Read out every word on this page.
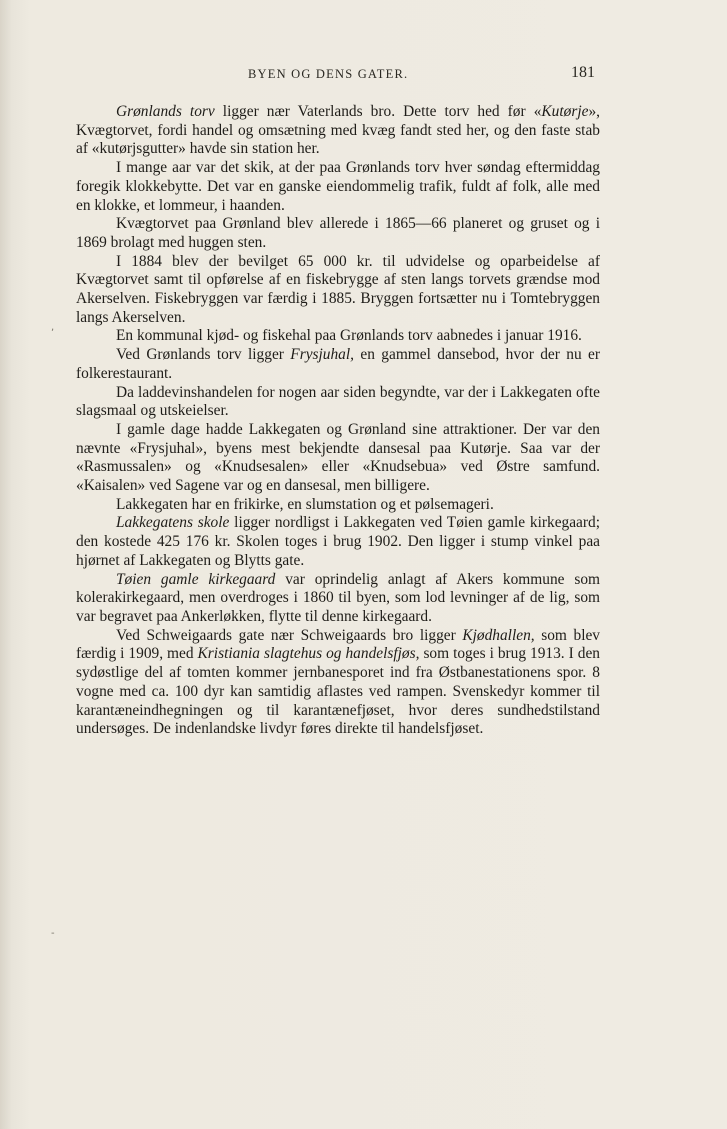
BYEN OG DENS GATER.	181
,
-

Grønlands torv ligger nær Vaterlands bro. Dette torv hed før «Kutørje», Kvægtorvet, fordi handel og omsætning med kvæg fandt sted her, og den faste stab af «kutørjsgutter» havde sin station her.

I mange aar var det skik, at der paa Grønlands torv hver søndag eftermiddag foregik klokkebytte. Det var en ganske eiendommelig trafik, fuldt af folk, alle med en klokke, et lommeur, i haanden.

Kvægtorvet paa Grønland blev allerede i 1865—66 planeret og gruset og i 1869 brolagt med huggen sten.

I 1884 blev der bevilget 65 000 kr. til udvidelse og oparbeidelse af Kvægtorvet samt til opførelse af en fiskebrygge af sten langs torvets grændse mod Akerselven. Fiskebryggen var færdig i 1885. Bryggen fortsætter nu i Tomtebryggen langs Akerselven.

En kommunal kjød- og fiskehal paa Grønlands torv aabnedes i januar 1916.

Ved Grønlands torv ligger Frysjuhal, en gammel dansebod, hvor der nu er folkerestaurant.

Da laddevinshandelen for nogen aar siden begyndte, var der i Lakkegaten ofte slagsmaal og utskeielser.

I gamle dage hadde Lakkegaten og Grønland sine attraktioner. Der var den nævnte «Frysjuhal», byens mest bekjendte dansesal paa Kutørje. Saa var der «Rasmussalen» og «Knudsesalen» eller «Knudsebua» ved Østre samfund. «Kaisalen» ved Sagene var og en dansesal, men billigere.

Lakkegaten har en frikirke, en slumstation og et pølsemageri.

Lakkegatens skole ligger nordligst i Lakkegaten ved Tøien gamle kirkegaard; den kostede 425 176 kr. Skolen toges i brug 1902. Den ligger i stump vinkel paa hjørnet af Lakkegaten og Blytts gate.

Tøien gamle kirkegaard var oprindelig anlagt af Akers kommune som kolerakirkegaard, men overdroges i 1860 til byen, som lod levninger af de lig, som var begravet paa Ankerløkken, flytte til denne kirkegaard.

Ved Schweigaards gate nær Schweigaards bro ligger Kjødhallen, som blev færdig i 1909, med Kristiania slagtehus og handelsfjøs, som toges i brug 1913. I den sydøstlige del af tomten kommer jernbanesporet ind fra Østbanestationens spor. 8 vogne med ca. 100 dyr kan samtidig aflastes ved rampen. Svenskedyr kommer til karantæneindhegningen og til karantænefjøset, hvor deres sundhedstilstand undersøges. De indenlandske livdyr føres direkte til handelsfjøset.
